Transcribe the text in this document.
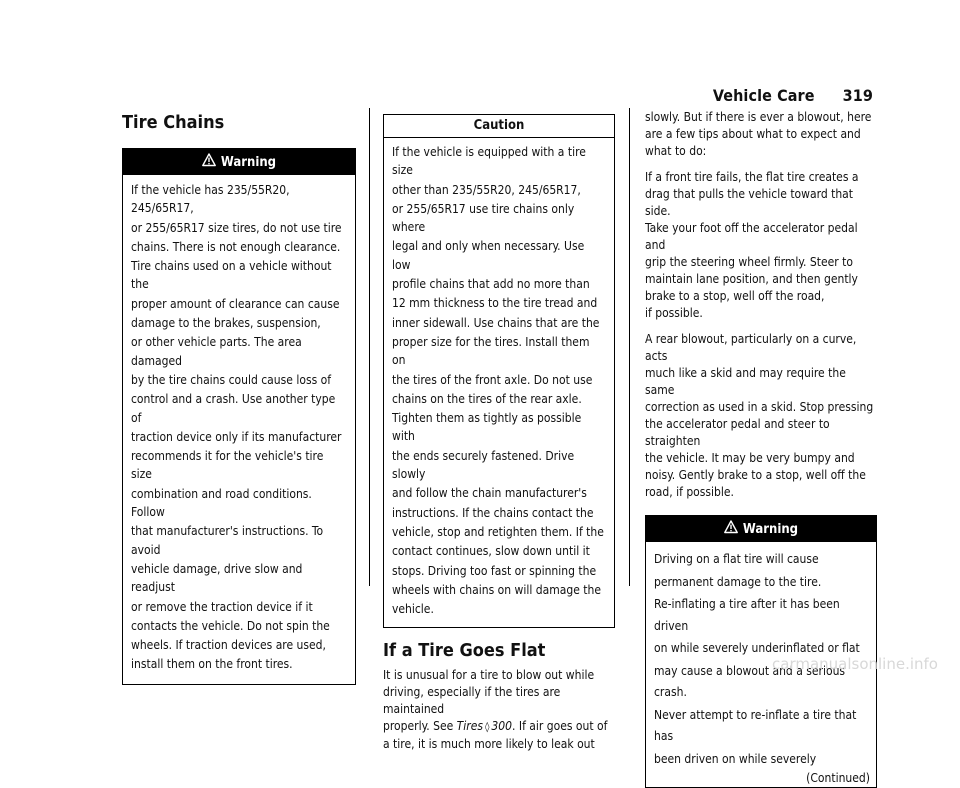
Vehicle Care 319
Tire Chains
Warning

If the vehicle has 235/55R20, 245/65R17,

or 255/65R17 size tires, do not use tire

chains. There is not enough clearance.

Tire chains used on a vehicle without the

proper amount of clearance can cause

damage to the brakes, suspension,

or other vehicle parts. The area damaged

by the tire chains could cause loss of

control and a crash. Use another type of

traction device only if its manufacturer

recommends it for the vehicle's tire size

combination and road conditions. Follow

that manufacturer's instructions. To avoid

vehicle damage, drive slow and readjust

or remove the traction device if it

contacts the vehicle. Do not spin the

wheels. If traction devices are used,

install them on the front tires.

Caution

If the vehicle is equipped with a tire size

other than 235/55R20, 245/65R17,

or 255/65R17 use tire chains only where

legal and only when necessary. Use low

profile chains that add no more than

12 mm thickness to the tire tread and

inner sidewall. Use chains that are the

proper size for the tires. Install them on

the tires of the front axle. Do not use

chains on the tires of the rear axle.

Tighten them as tightly as possible with

the ends securely fastened. Drive slowly

and follow the chain manufacturer's

instructions. If the chains contact the

vehicle, stop and retighten them. If the

contact continues, slow down until it

stops. Driving too fast or spinning the

wheels with chains on will damage the

vehicle.

If a Tire Goes Flat
It is unusual for a tire to blow out while
driving, especially if the tires are maintained
properly. See Tires ◊ 300. If air goes out of
a tire, it is much more likely to leak out
slowly. But if there is ever a blowout, here
are a few tips about what to expect and
what to do:
If a front tire fails, the flat tire creates a
drag that pulls the vehicle toward that side.
Take your foot off the accelerator pedal and
grip the steering wheel firmly. Steer to
maintain lane position, and then gently
brake to a stop, well off the road,
if possible.
A rear blowout, particularly on a curve, acts
much like a skid and may require the same
correction as used in a skid. Stop pressing
the accelerator pedal and steer to straighten
the vehicle. It may be very bumpy and
noisy. Gently brake to a stop, well off the
road, if possible.
Warning

Driving on a flat tire will cause

permanent damage to the tire.

Re-inflating a tire after it has been driven

on while severely underinflated or flat

may cause a blowout and a serious crash.

Never attempt to re-inflate a tire that has

been driven on while severely

(Continued)
carmanualsonline.info
